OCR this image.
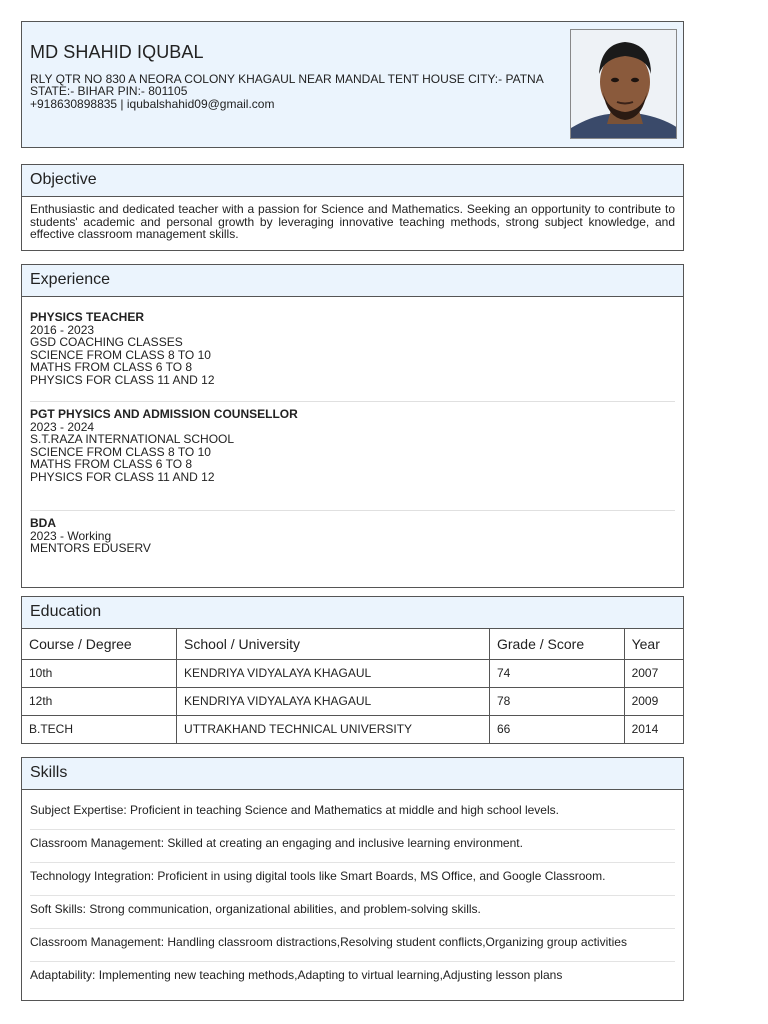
MD SHAHID IQUBAL
RLY QTR NO 830 A NEORA COLONY KHAGAUL NEAR MANDAL TENT HOUSE CITY:- PATNA
STATE:- BIHAR PIN:- 801105
+918630898835 | iqubalshahid09@gmail.com
Objective
Enthusiastic and dedicated teacher with a passion for Science and Mathematics. Seeking an opportunity to contribute to students' academic and personal growth by leveraging innovative teaching methods, strong subject knowledge, and effective classroom management skills.
Experience
PHYSICS TEACHER
2016 - 2023
GSD COACHING CLASSES
SCIENCE FROM CLASS 8 TO 10
MATHS FROM CLASS 6 TO 8
PHYSICS FOR CLASS 11 AND 12
PGT PHYSICS AND ADMISSION COUNSELLOR
2023 - 2024
S.T.RAZA INTERNATIONAL SCHOOL
SCIENCE FROM CLASS 8 TO 10
MATHS FROM CLASS 6 TO 8
PHYSICS FOR CLASS 11 AND 12
BDA
2023 - Working
MENTORS EDUSERV
Education
Course / Degree	School / University	Grade / Score	Year
10th	KENDRIYA VIDYALAYA KHAGAUL	74	2007
12th	KENDRIYA VIDYALAYA KHAGAUL	78	2009
B.TECH	UTTRAKHAND TECHNICAL UNIVERSITY	66	2014
Skills
Subject Expertise: Proficient in teaching Science and Mathematics at middle and high school levels.
Classroom Management: Skilled at creating an engaging and inclusive learning environment.
Technology Integration: Proficient in using digital tools like Smart Boards, MS Office, and Google Classroom.
Soft Skills: Strong communication, organizational abilities, and problem-solving skills.
Classroom Management: Handling classroom distractions,Resolving student conflicts,Organizing group activities
Adaptability: Implementing new teaching methods,Adapting to virtual learning,Adjusting lesson plans
